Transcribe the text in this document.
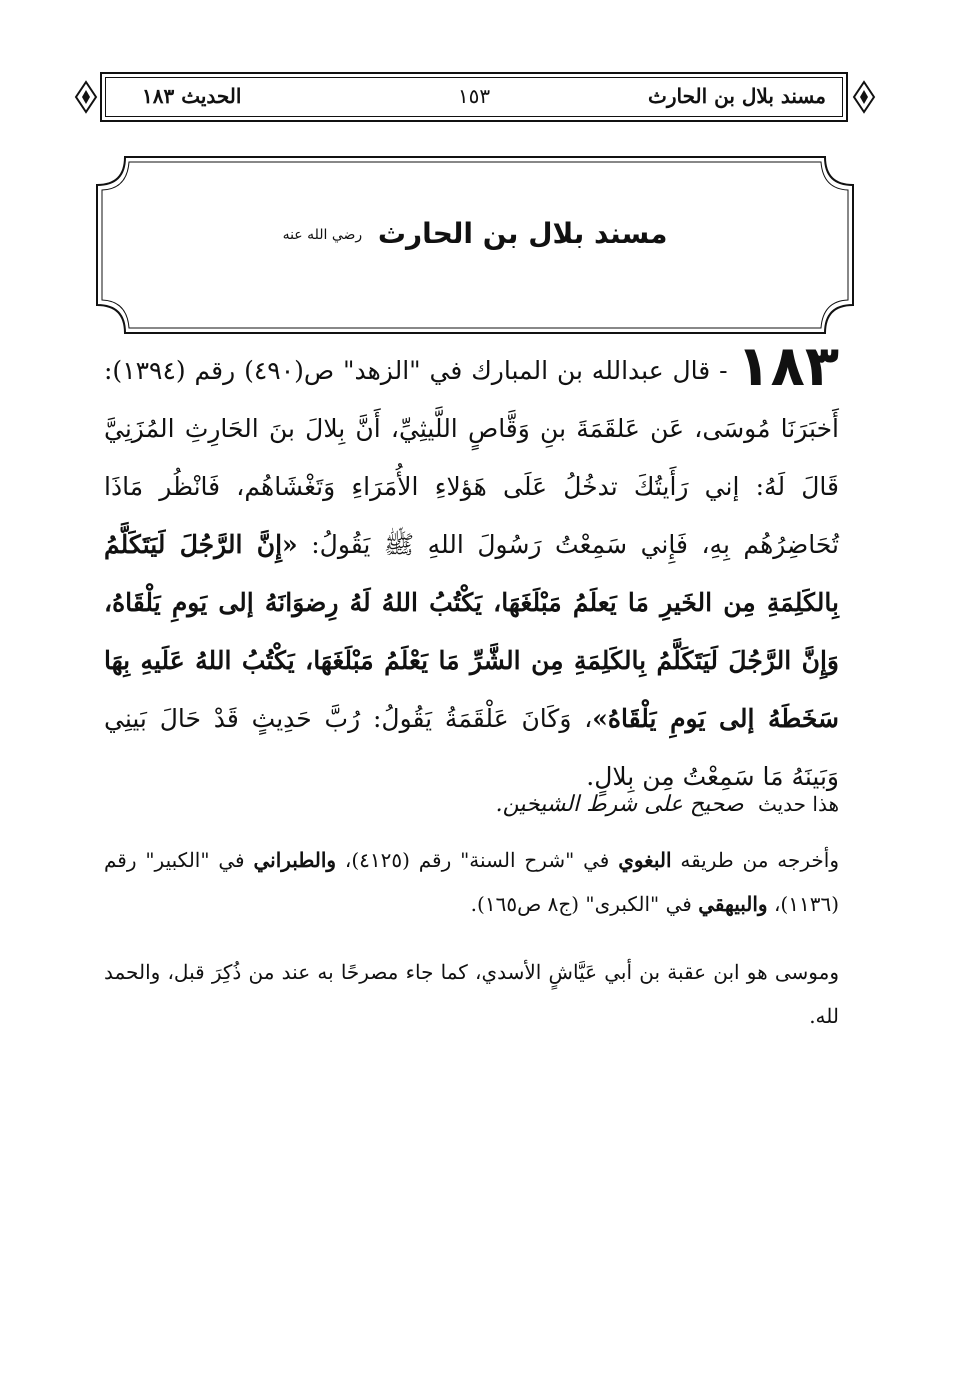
مسند بلال بن الحارث
١٥٣
الحديث ١٨٣
مسند بلال بن الحارث رضي الله عنه

١٨٣ - قال عبدالله بن المبارك في "الزهد" ص(٤٩٠) رقم (١٣٩٤): أَخبَرَنَا مُوسَى، عَن عَلقَمَةَ بنِ وَقَّاصٍ اللَّيثِيِّ، أَنَّ بِلالَ بنَ الحَارِثِ المُزَنِيَّ قَالَ لَهُ: إني رَأَيتُكَ تدخُلُ عَلَى هَؤلاءِ الأُمَرَاءِ وَتَغْشَاهُم، فَانْظُر مَاذَا تُحَاضِرُهُم بِهِ، فَإِني سَمِعْتُ رَسُولَ اللهِ ﷺ يَقُولُ: «إِنَّ الرَّجُلَ لَيَتَكَلَّمُ بِالكَلِمَةِ مِن الخَيرِ مَا يَعلَمُ مَبْلَغَهَا، يَكْتُبُ اللهُ لَهُ رِضوَانَهُ إلى يَومِ يَلْقَاهُ، وَإِنَّ الرَّجُلَ لَيَتَكَلَّمُ بِالكَلِمَةِ مِن الشَّرِّ مَا يَعْلَمُ مَبْلَغَهَا، يَكْتُبُ اللهُ عَلَيهِ بِهَا سَخَطَهُ إلى يَومِ يَلْقَاهُ»، وَكَانَ عَلْقَمَةُ يَقُولُ: رُبَّ حَدِيثٍ قَدْ حَالَ بَينِي وَبَينَهُ مَا سَمِعْتُ مِن بِلالٍ.

هذا حديث صحيح على شرط الشيخين.

وأخرجه من طريقه البغوي في "شرح السنة" رقم (٤١٢٥)، والطبراني في "الكبير" رقم (١١٣٦)، والبيهقي في "الكبرى" (ج٨ ص١٦٥).

وموسى هو ابن عقبة بن أبي عَيَّاشٍ الأسدي، كما جاء مصرحًا به عند من ذُكِرَ قبل، والحمد لله.
